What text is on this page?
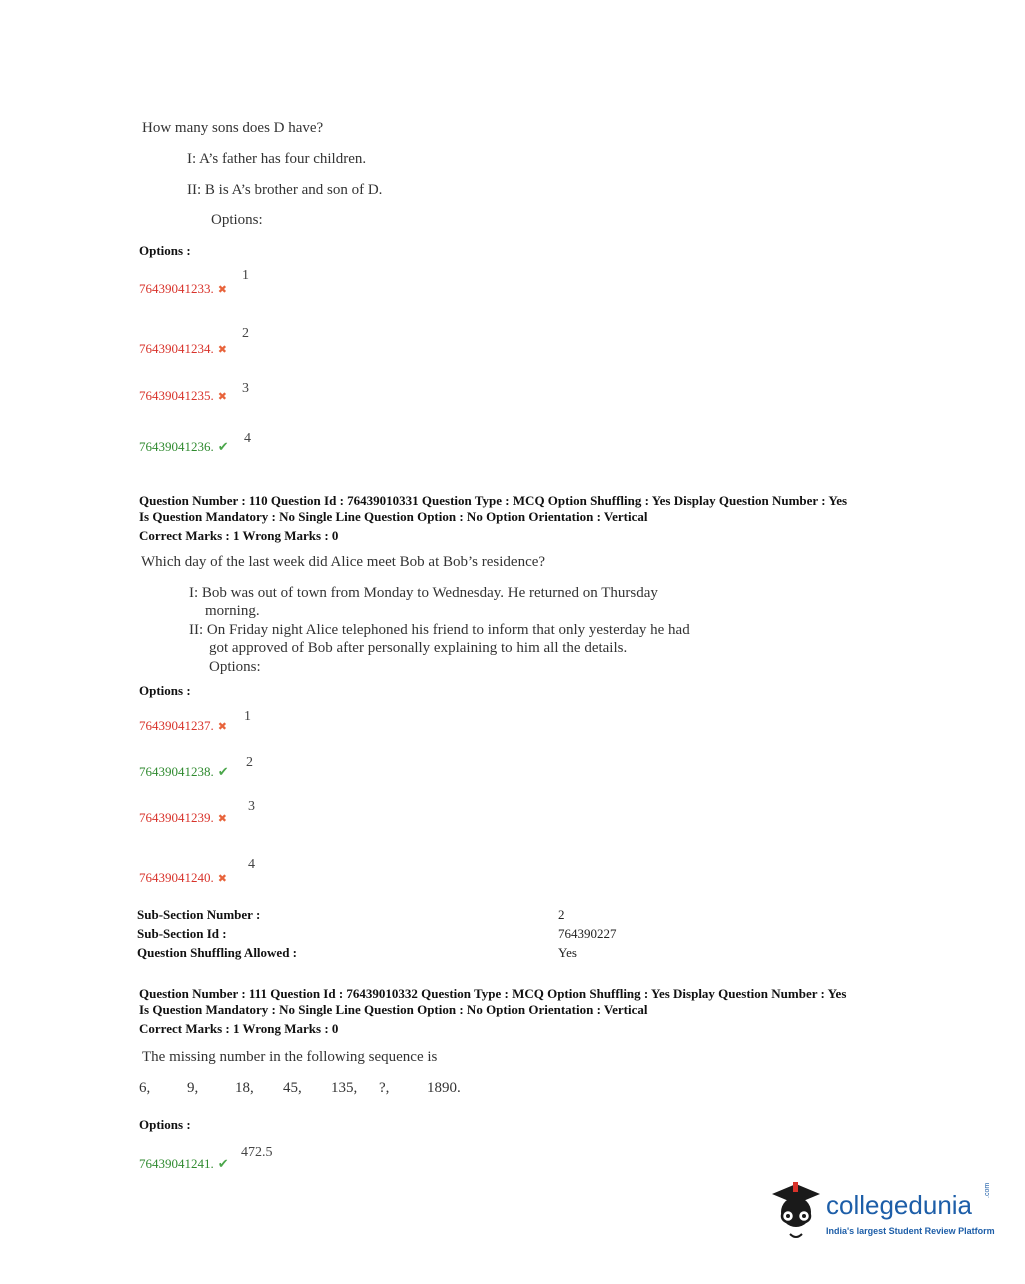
How many sons does D have?
I: A’s father has four children.
II: B is A’s brother and son of D.
Options:
Options :
76439041233. ✖
1
76439041234. ✖
2
76439041235. ✖
3
76439041236. ✔
4
Question Number : 110 Question Id : 76439010331 Question Type : MCQ Option Shuffling : Yes Display Question Number : Yes
Is Question Mandatory : No Single Line Question Option : No Option Orientation : Vertical
Correct Marks : 1 Wrong Marks : 0
Which day of the last week did Alice meet Bob at Bob’s residence?
I: Bob was out of town from Monday to Wednesday. He returned on Thursday
morning.
II: On Friday night Alice telephoned his friend to inform that only yesterday he had
got approved of Bob after personally explaining to him all the details.
Options:
Options :
76439041237. ✖
1
76439041238. ✔
2
76439041239. ✖
3
76439041240. ✖
4
Sub-Section Number :	2
Sub-Section Id :	764390227
Question Shuffling Allowed :	Yes
Question Number : 111 Question Id : 76439010332 Question Type : MCQ Option Shuffling : Yes Display Question Number : Yes
Is Question Mandatory : No Single Line Question Option : No Option Orientation : Vertical
Correct Marks : 1 Wrong Marks : 0
The missing number in the following sequence is
6, 9, 18, 45, 135, ?,	1890.
Options :
76439041241. ✔
472.5
collegedunia .com
India's largest Student Review Platform
